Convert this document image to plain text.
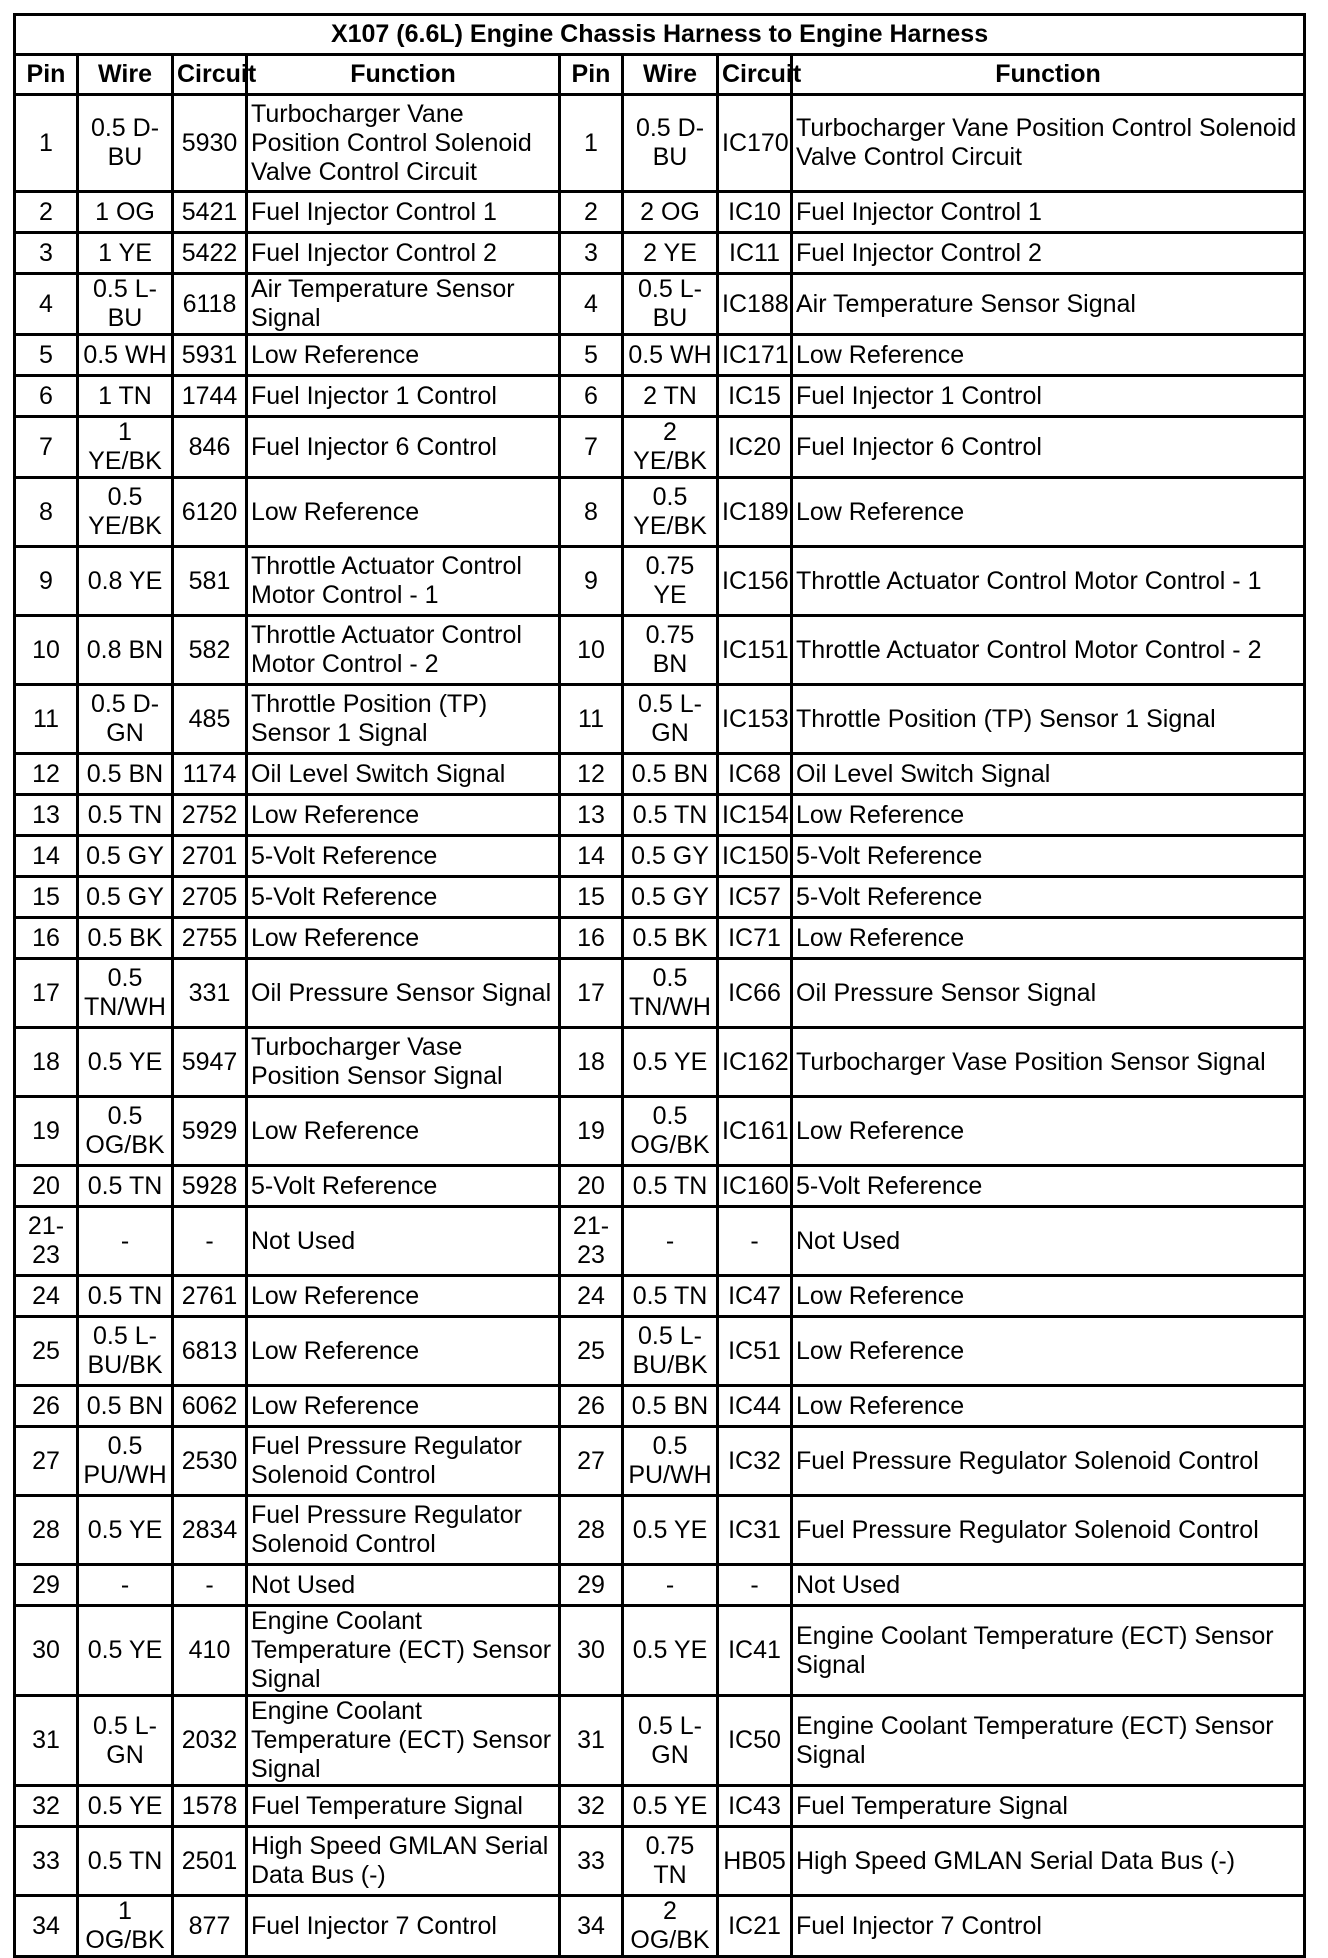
X107 (6.6L) Engine Chassis Harness to Engine Harness							
Pin	Wire	Circuit	Function	Pin	Wire	Circuit	Function
1	0.5 D-BU	5930	Turbocharger Vane Position Control Solenoid Valve Control Circuit	1	0.5 D-BU	IC170	Turbocharger Vane Position Control Solenoid Valve Control Circuit
2	1 OG	5421	Fuel Injector Control 1	2	2 OG	IC10	Fuel Injector Control 1
3	1 YE	5422	Fuel Injector Control 2	3	2 YE	IC11	Fuel Injector Control 2
4	0.5 L-BU	6118	Air Temperature Sensor Signal	4	0.5 L-BU	IC188	Air Temperature Sensor Signal
5	0.5 WH	5931	Low Reference	5	0.5 WH	IC171	Low Reference
6	1 TN	1744	Fuel Injector 1 Control	6	2 TN	IC15	Fuel Injector 1 Control
7	1 YE/BK	846	Fuel Injector 6 Control	7	2 YE/BK	IC20	Fuel Injector 6 Control
8	0.5 YE/BK	6120	Low Reference	8	0.5 YE/BK	IC189	Low Reference
9	0.8 YE	581	Throttle Actuator Control Motor Control - 1	9	0.75 YE	IC156	Throttle Actuator Control Motor Control - 1
10	0.8 BN	582	Throttle Actuator Control Motor Control - 2	10	0.75 BN	IC151	Throttle Actuator Control Motor Control - 2
11	0.5 D-GN	485	Throttle Position (TP) Sensor 1 Signal	11	0.5 L-GN	IC153	Throttle Position (TP) Sensor 1 Signal
12	0.5 BN	1174	Oil Level Switch Signal	12	0.5 BN	IC68	Oil Level Switch Signal
13	0.5 TN	2752	Low Reference	13	0.5 TN	IC154	Low Reference
14	0.5 GY	2701	5-Volt Reference	14	0.5 GY	IC150	5-Volt Reference
15	0.5 GY	2705	5-Volt Reference	15	0.5 GY	IC57	5-Volt Reference
16	0.5 BK	2755	Low Reference	16	0.5 BK	IC71	Low Reference
17	0.5 TN/WH	331	Oil Pressure Sensor Signal	17	0.5 TN/WH	IC66	Oil Pressure Sensor Signal
18	0.5 YE	5947	Turbocharger Vase Position Sensor Signal	18	0.5 YE	IC162	Turbocharger Vase Position Sensor Signal
19	0.5 OG/BK	5929	Low Reference	19	0.5 OG/BK	IC161	Low Reference
20	0.5 TN	5928	5-Volt Reference	20	0.5 TN	IC160	5-Volt Reference
21-23	-	-	Not Used	21-23	-	-	Not Used
24	0.5 TN	2761	Low Reference	24	0.5 TN	IC47	Low Reference
25	0.5 L-BU/BK	6813	Low Reference	25	0.5 L-BU/BK	IC51	Low Reference
26	0.5 BN	6062	Low Reference	26	0.5 BN	IC44	Low Reference
27	0.5 PU/WH	2530	Fuel Pressure Regulator Solenoid Control	27	0.5 PU/WH	IC32	Fuel Pressure Regulator Solenoid Control
28	0.5 YE	2834	Fuel Pressure Regulator Solenoid Control	28	0.5 YE	IC31	Fuel Pressure Regulator Solenoid Control
29	-	-	Not Used	29	-	-	Not Used
30	0.5 YE	410	Engine Coolant Temperature (ECT) Sensor Signal	30	0.5 YE	IC41	Engine Coolant Temperature (ECT) Sensor Signal
31	0.5 L-GN	2032	Engine Coolant Temperature (ECT) Sensor Signal	31	0.5 L-GN	IC50	Engine Coolant Temperature (ECT) Sensor Signal
32	0.5 YE	1578	Fuel Temperature Signal	32	0.5 YE	IC43	Fuel Temperature Signal
33	0.5 TN	2501	High Speed GMLAN Serial Data Bus (-)	33	0.75 TN	HB05	High Speed GMLAN Serial Data Bus (-)
34	1 OG/BK	877	Fuel Injector 7 Control	34	2 OG/BK	IC21	Fuel Injector 7 Control
